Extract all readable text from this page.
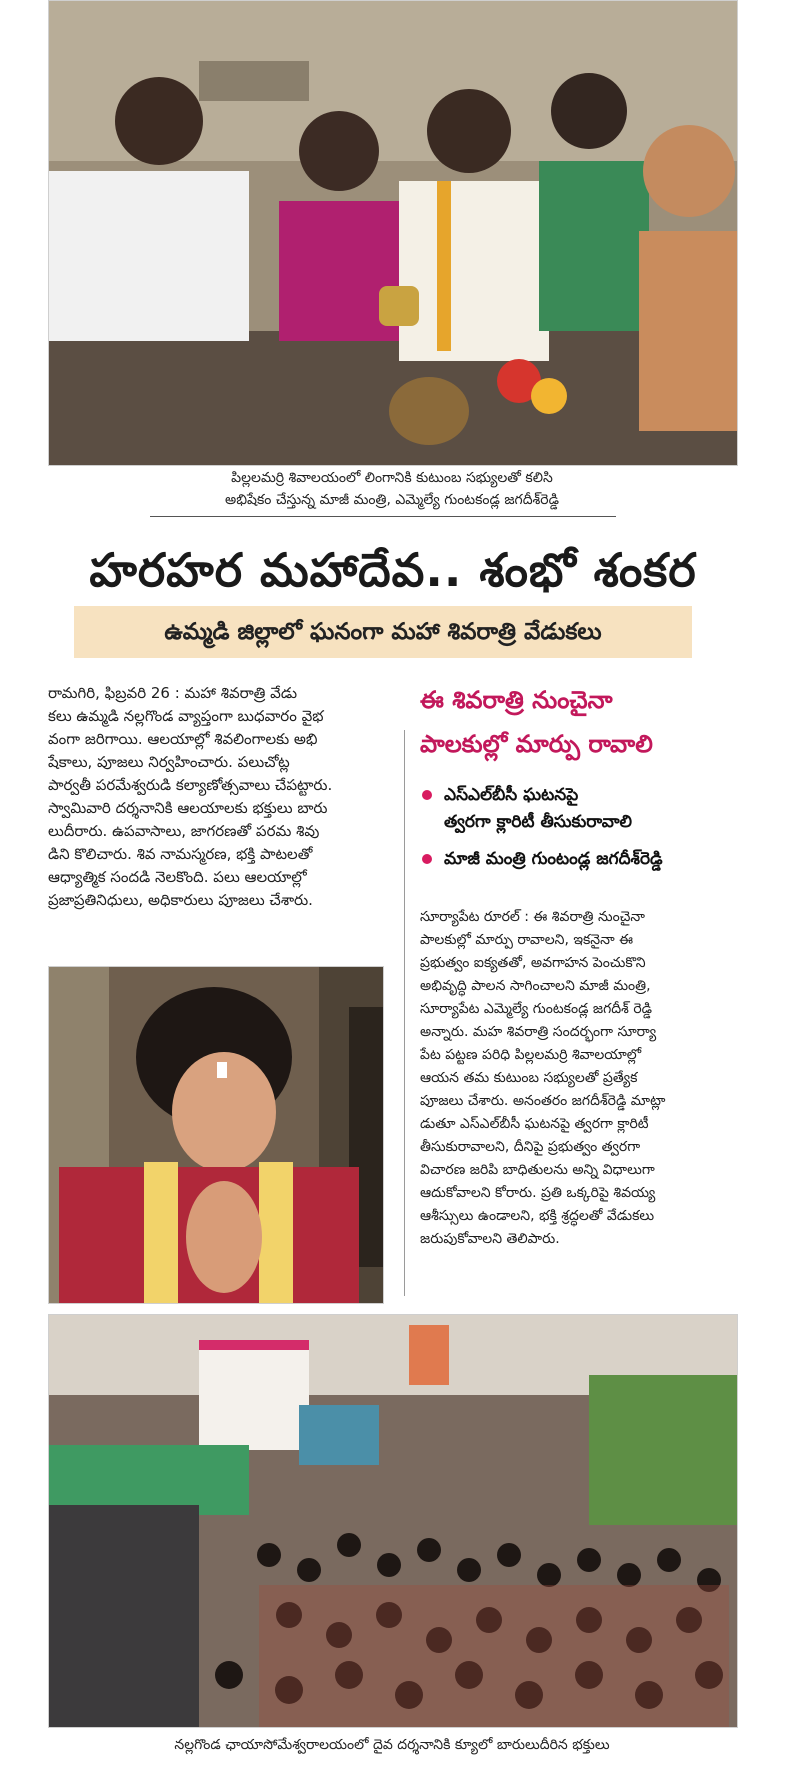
పిల్లలమర్రి శివాలయంలో లింగానికి కుటుంబ సభ్యులతో కలిసి
అభిషేకం చేస్తున్న మాజీ మంత్రి, ఎమ్మెల్యే గుంటకండ్ల జగదీశ్‌రెడ్డి
హరహర మహాదేవ.. శంభో శంకర
ఉమ్మడి జిల్లాలో ఘనంగా మహా శివరాత్రి వేడుకలు
రామగిరి, ఫిబ్రవరి 26 : మహా శివరాత్రి వేడు
కలు ఉమ్మడి నల్లగొండ వ్యాప్తంగా బుధవారం వైభ
వంగా జరిగాయి. ఆలయాల్లో శివలింగాలకు అభి
షేకాలు, పూజలు నిర్వహించారు. పలుచోట్ల
పార్వతీ పరమేశ్వరుడి కల్యాణోత్సవాలు చేపట్టారు.
స్వామివారి దర్శనానికి ఆలయాలకు భక్తులు బారు
లుదీరారు. ఉపవాసాలు, జాగరణతో పరమ శివు
డిని కొలిచారు. శివ నామస్మరణ, భక్తి పాటలతో
ఆధ్యాత్మిక సందడి నెలకొంది. పలు ఆలయాల్లో
ప్రజాప్రతినిధులు, అధికారులు పూజలు చేశారు.
ఈ శివరాత్రి నుంచైనా
పాలకుల్లో మార్పు రావాలి
ఎస్‌ఎల్‌బీసీ ఘటనపై
త్వరగా క్లారిటీ తీసుకురావాలి
మాజీ మంత్రి గుంటండ్ల జగదీశ్‌రెడ్డి
సూర్యాపేట రూరల్‌ : ఈ శివరాత్రి నుంచైనా
పాలకుల్లో మార్పు రావాలని, ఇకనైనా ఈ
ప్రభుత్వం ఐక్యతతో, అవగాహన పెంచుకొని
అభివృద్ధి పాలన సాగించాలని మాజీ మంత్రి,
సూర్యాపేట ఎమ్మెల్యే గుంటకండ్ల జగదీశ్‌ రెడ్డి
అన్నారు. మహ శివరాత్రి సందర్భంగా సూర్యా
పేట పట్టణ పరిధి పిల్లలమర్రి శివాలయాల్లో
ఆయన తమ కుటుంబ సభ్యులతో ప్రత్యేక
పూజలు చేశారు. అనంతరం జగదీశ్‌రెడ్డి మాట్లా
డుతూ ఎస్‌ఎల్‌బీసీ ఘటనపై త్వరగా క్లారిటీ
తీసుకురావాలని, దీనిపై ప్రభుత్వం త్వరగా
విచారణ జరిపి బాధితులను అన్ని విధాలుగా
ఆదుకోవాలని కోరారు. ప్రతి ఒక్కరిపై శివయ్య
ఆశీస్సులు ఉండాలని, భక్తి శ్రద్ధలతో వేడుకలు
జరుపుకోవాలని తెలిపారు.
నల్లగొండ ఛాయాసోమేశ్వరాలయంలో దైవ దర్శనానికి క్యూలో బారులుదీరిన భక్తులు
